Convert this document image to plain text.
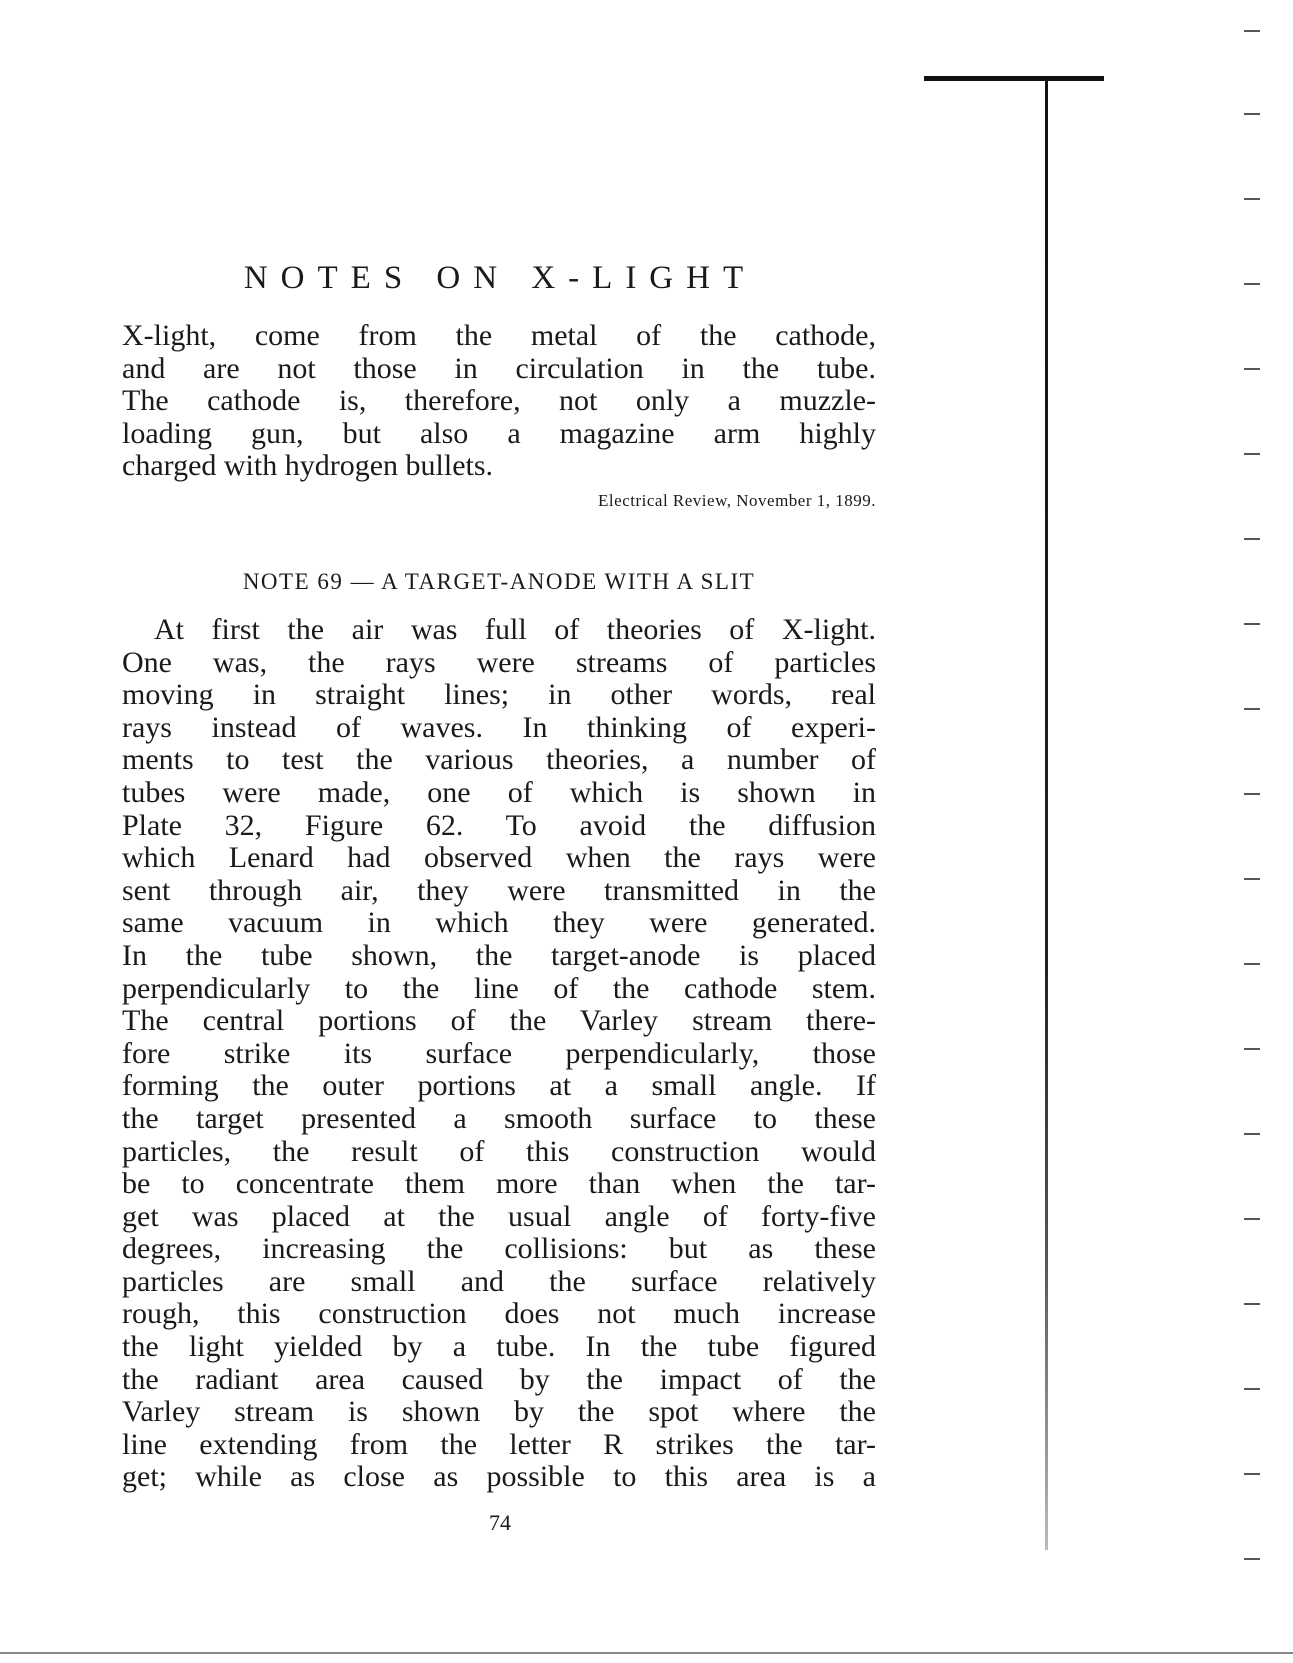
NOTES ON X-LIGHT
X-light, come from the metal of the cathode,
and are not those in circulation in the tube.
The cathode is, therefore, not only a muzzle-
loading gun, but also a magazine arm highly
charged with hydrogen bullets.
Electrical Review, November 1, 1899.
NOTE 69 — A TARGET-ANODE WITH A SLIT
At first the air was full of theories of X-light.
One was, the rays were streams of particles
moving in straight lines; in other words, real
rays instead of waves. In thinking of experi-
ments to test the various theories, a number of
tubes were made, one of which is shown in
Plate 32, Figure 62. To avoid the diffusion
which Lenard had observed when the rays were
sent through air, they were transmitted in the
same vacuum in which they were generated.
In the tube shown, the target-anode is placed
perpendicularly to the line of the cathode stem.
The central portions of the Varley stream there-
fore strike its surface perpendicularly, those
forming the outer portions at a small angle. If
the target presented a smooth surface to these
particles, the result of this construction would
be to concentrate them more than when the tar-
get was placed at the usual angle of forty-five
degrees, increasing the collisions: but as these
particles are small and the surface relatively
rough, this construction does not much increase
the light yielded by a tube. In the tube figured
the radiant area caused by the impact of the
Varley stream is shown by the spot where the
line extending from the letter R strikes the tar-
get; while as close as possible to this area is a
74
